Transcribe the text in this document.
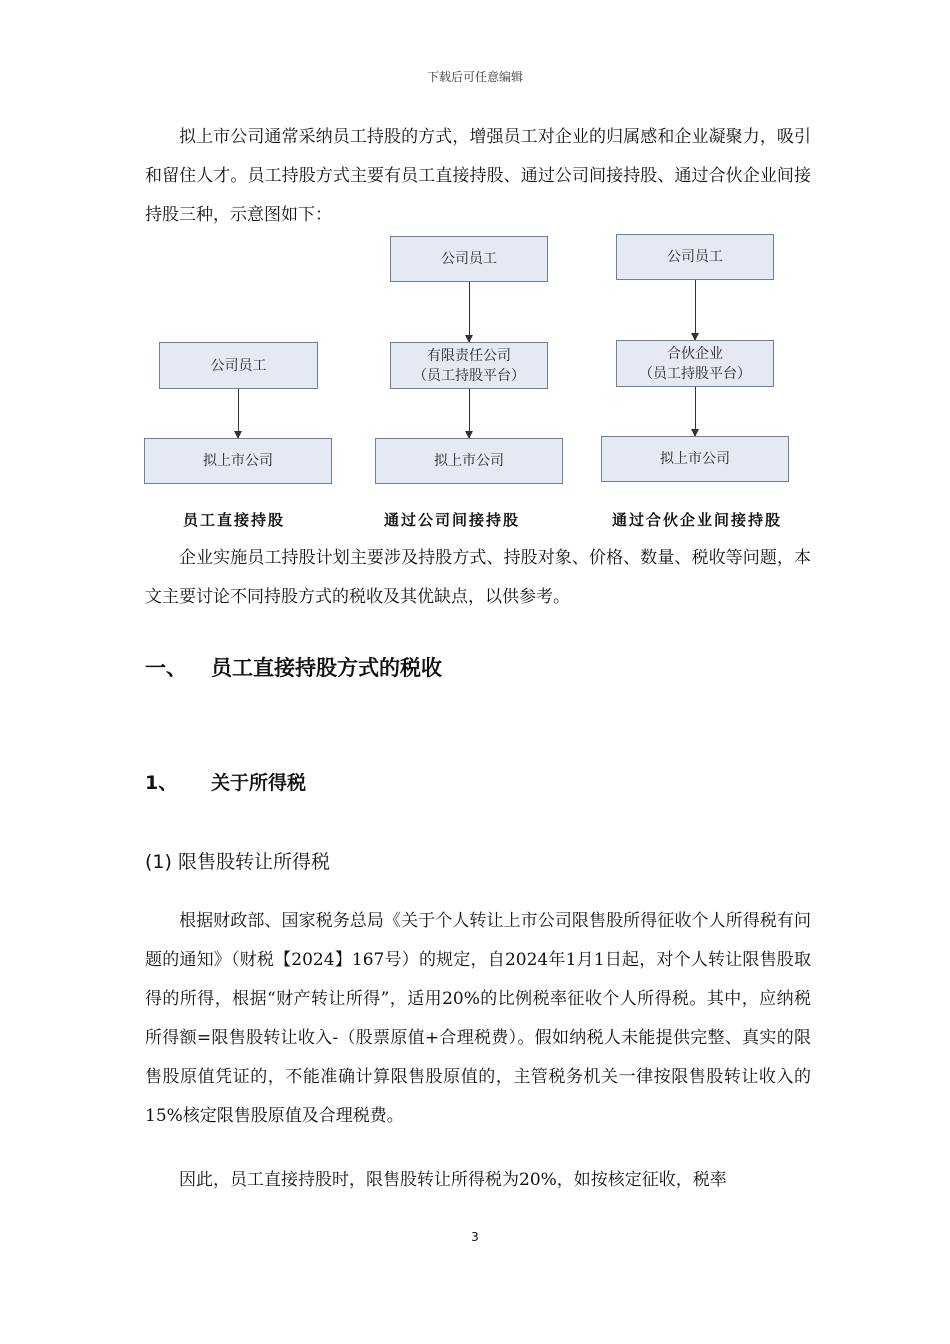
下载后可任意编辑

拟上市公司通常采纳员工持股的方式，增强员工对企业的归属感和企业凝聚力，吸引和留住人才。员工持股方式主要有员工直接持股、通过公司间接持股、通过合伙企业间接持股三种，示意图如下：

公司员工
拟上市公司
员工直接持股
公司员工
有限责任公司
（员工持股平台）
拟上市公司
通过公司间接持股
公司员工
合伙企业
（员工持股平台）
拟上市公司
通过合伙企业间接持股

企业实施员工持股计划主要涉及持股方式、持股对象、价格、数量、税收等问题，本文主要讨论不同持股方式的税收及其优缺点，以供参考。

一、 员工直接持股方式的税收
1、 关于所得税
(1) 限售股转让所得税

根据财政部、国家税务总局《关于个人转让上市公司限售股所得征收个人所得税有问题的通知》（财税【2024】167号）的规定，自2024年1月1日起，对个人转让限售股取得的所得，根据“财产转让所得”，适用20%的比例税率征收个人所得税。其中，应纳税所得额=限售股转让收入-（股票原值+合理税费）。假如纳税人未能提供完整、真实的限售股原值凭证的，不能准确计算限售股原值的，主管税务机关一律按限售股转让收入的15%核定限售股原值及合理税费。

因此，员工直接持股时，限售股转让所得税为20%，如按核定征收，税率

3
